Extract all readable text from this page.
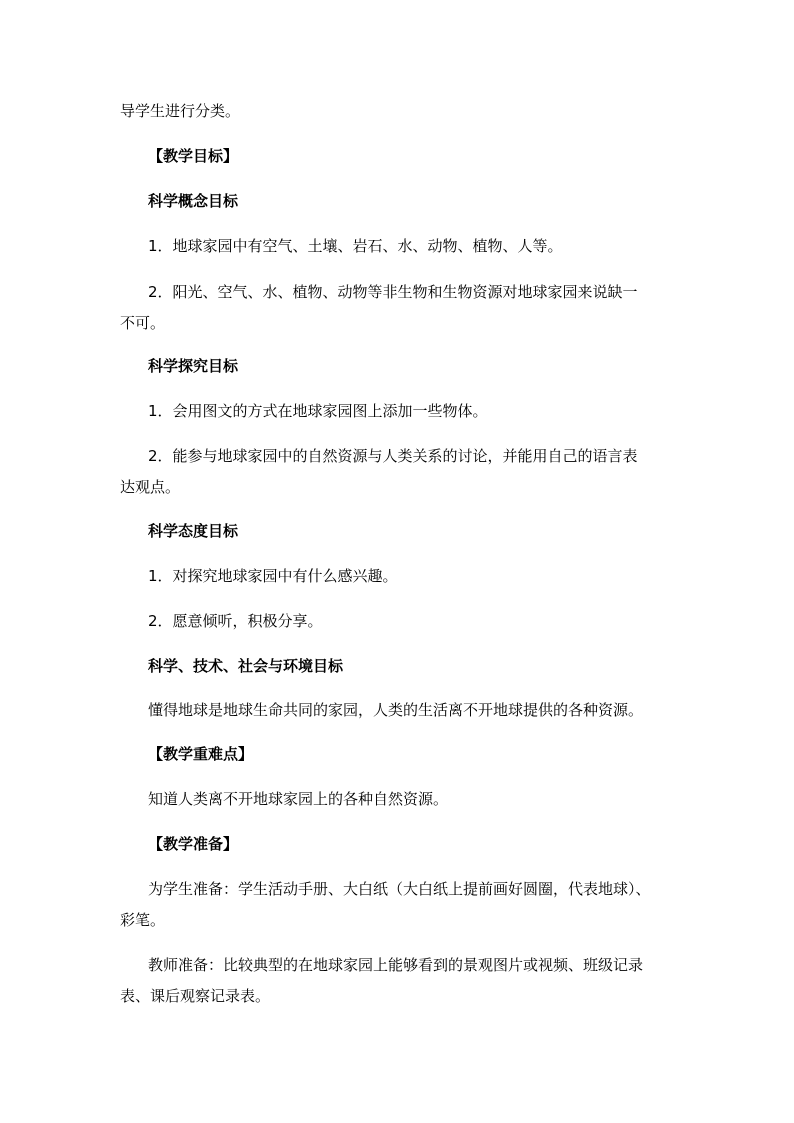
导学生进行分类。
【教学目标】
科学概念目标
1．地球家园中有空气、土壤、岩石、水、动物、植物、人等。
2．阳光、空气、水、植物、动物等非生物和生物资源对地球家园来说缺一
不可。
科学探究目标
1．会用图文的方式在地球家园图上添加一些物体。
2．能参与地球家园中的自然资源与人类关系的讨论，并能用自己的语言表
达观点。
科学态度目标
1．对探究地球家园中有什么感兴趣。
2．愿意倾听，积极分享。
科学、技术、社会与环境目标
懂得地球是地球生命共同的家园，人类的生活离不开地球提供的各种资源。
【教学重难点】
知道人类离不开地球家园上的各种自然资源。
【教学准备】
为学生准备：学生活动手册、大白纸（大白纸上提前画好圆圈，代表地球）、
彩笔。
教师准备：比较典型的在地球家园上能够看到的景观图片或视频、班级记录
表、课后观察记录表。
